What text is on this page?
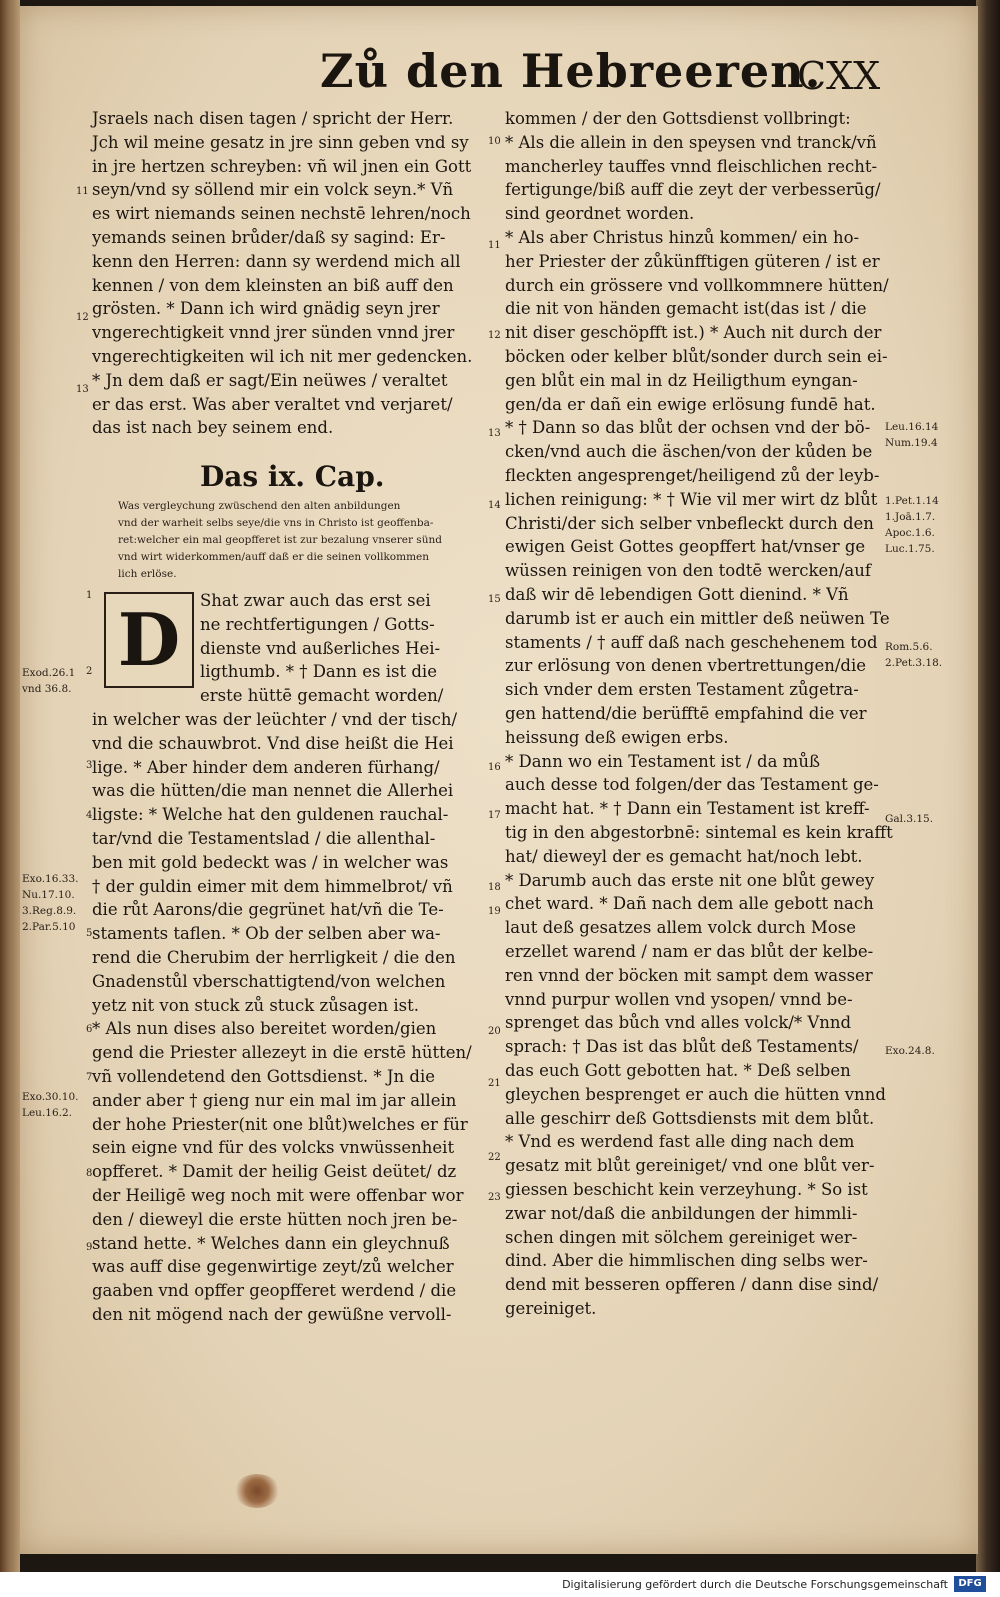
Zů den Hebreeren.
CXX
Jsraels nach disen tagen / spricht der Herr.
Jch wil meine gesatz in jre sinn geben vnd sy
in jre hertzen schreyben: vñ wil jnen ein Gott
seyn/vnd sy söllend mir ein volck seyn.* Vñ
es wirt niemands seinen nechstē lehren/noch
yemands seinen brůder/daß sy sagind: Er-
kenn den Herren: dann sy werdend mich all
kennen / von dem kleinsten an biß auff den
grösten. * Dann ich wird gnädig seyn jrer
vngerechtigkeit vnnd jrer sünden vnnd jrer
vngerechtigkeiten wil ich nit mer gedencken.
* Jn dem daß er sagt/Ein neüwes / veraltet
er das erst. Was aber veraltet vnd verjaret/
das ist nach bey seinem end.
Shat zwar auch das erst sei
ne rechtfertigungen / Gotts-
dienste vnd außerliches Hei-
ligthumb. * † Dann es ist die
erste hüttē gemacht worden/
in welcher was der leüchter / vnd der tisch/
vnd die schauwbrot. Vnd dise heißt die Hei
lige. * Aber hinder dem anderen fürhang/
was die hütten/die man nennet die Allerhei
ligste: * Welche hat den guldenen rauchal-
tar/vnd die Testamentslad / die allenthal-
ben mit gold bedeckt was / in welcher was
† der guldin eimer mit dem himmelbrot/ vñ
die růt Aarons/die gegrünet hat/vñ die Te-
staments taflen. * Ob der selben aber wa-
rend die Cherubim der herrligkeit / die den
Gnadenstůl vberschattigtend/von welchen
yetz nit von stuck zů stuck zůsagen ist.
* Als nun dises also bereitet worden/gien
gend die Priester allezeyt in die erstē hütten/
vñ vollendetend den Gottsdienst. * Jn die
ander aber † gieng nur ein mal im jar allein
der hohe Priester(nit one blůt)welches er für
sein eigne vnd für des volcks vnwüssenheit
opfferet. * Damit der heilig Geist deütet/ dz
der Heiligē weg noch mit were offenbar wor
den / dieweyl die erste hütten noch jren be-
stand hette. * Welches dann ein gleychnuß
was auff dise gegenwirtige zeyt/zů welcher
gaaben vnd opffer geopfferet werdend / die
den nit mögend nach der gewüßne vervoll-
Das ix. Cap.
Was vergleychung zwüschend den alten anbildungen
vnd der warheit selbs seye/die vns in Christo ist geoffenba-
ret:welcher ein mal geopfferet ist zur bezalung vnserer sünd
vnd wirt widerkommen/auff daß er die seinen vollkommen
lich erlöse.
D
kommen / der den Gottsdienst vollbringt:
* Als die allein in den speysen vnd tranck/vñ
mancherley tauffes vnnd fleischlichen recht-
fertigunge/biß auff die zeyt der verbesserūg/
sind geordnet worden.
* Als aber Christus hinzů kommen/ ein ho-
her Priester der zůkünfftigen güteren / ist er
durch ein grössere vnd vollkommnere hütten/
die nit von händen gemacht ist(das ist / die
nit diser geschöpfft ist.) * Auch nit durch der
böcken oder kelber blůt/sonder durch sein ei-
gen blůt ein mal in dz Heiligthum eyngan-
gen/da er dañ ein ewige erlösung fundē hat.
* † Dann so das blůt der ochsen vnd der bö-
cken/vnd auch die äschen/von der kůden be
fleckten angesprenget/heiligend zů der leyb-
lichen reinigung: * † Wie vil mer wirt dz blůt
Christi/der sich selber vnbefleckt durch den
ewigen Geist Gottes geopffert hat/vnser ge
wüssen reinigen von den todtē wercken/auf
daß wir dē lebendigen Gott dienind. * Vñ
darumb ist er auch ein mittler deß neüwen Te
staments / † auff daß nach geschehenem tod
zur erlösung von denen vbertrettungen/die
sich vnder dem ersten Testament zůgetra-
gen hattend/die berüfftē empfahind die ver
heissung deß ewigen erbs.
* Dann wo ein Testament ist / da můß
auch desse tod folgen/der das Testament ge-
macht hat. * † Dann ein Testament ist kreff-
tig in den abgestorbnē: sintemal es kein krafft
hat/ dieweyl der es gemacht hat/noch lebt.
* Darumb auch das erste nit one blůt gewey
chet ward. * Dañ nach dem alle gebott nach
laut deß gesatzes allem volck durch Mose
erzellet warend / nam er das blůt der kelbe-
ren vnnd der böcken mit sampt dem wasser
vnnd purpur wollen vnd ysopen/ vnnd be-
sprenget das bůch vnd alles volck/* Vnnd
sprach: † Das ist das blůt deß Testaments/
das euch Gott gebotten hat. * Deß selben
gleychen besprenget er auch die hütten vnnd
alle geschirr deß Gottsdiensts mit dem blůt.
* Vnd es werdend fast alle ding nach dem
gesatz mit blůt gereiniget/ vnd one blůt ver-
giessen beschicht kein verzeyhung. * So ist
zwar not/daß die anbildungen der himmli-
schen dingen mit sölchem gereiniget wer-
dind. Aber die himmlischen ding selbs wer-
dend mit besseren opfferen / dann dise sind/
gereiniget.
11
12
13
1
2
3
4
5
6
7
8
9
10
11
12
13
14
15
16
17
18
19
20
21
22
23
Exod.26.1
vnd 36.8.
Exo.16.33.
Nu.17.10.
3.Reg.8.9.
2.Par.5.10
Exo.30.10.
Leu.16.2.
Leu.16.14
Num.19.4
1.Pet.1.14
1.Joā.1.7.
Apoc.1.6.
Luc.1.75.
Rom.5.6.
2.Pet.3.18.
Gal.3.15.
Exo.24.8.
Digitalisierung gefördert durch die Deutsche Forschungsgemeinschaft	DFG
